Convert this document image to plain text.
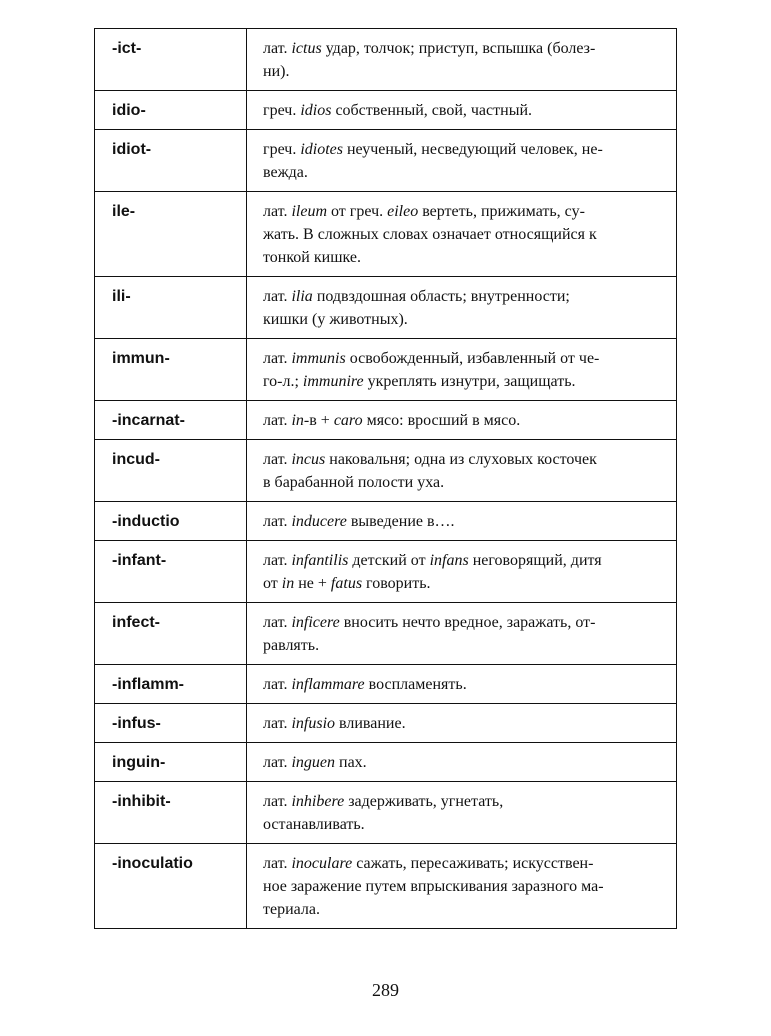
-ict-	лат. ictus удар, толчок; приступ, вспышка (болез-
ни).
idio-	греч. idios собственный, свой, частный.
idiot-	греч. idiotes неученый, несведующий человек, не-
вежда.
ile-	лат. ileum от греч. eileo вертеть, прижимать, су-
жать. В сложных словах означает относящийся к
тонкой кишке.
ili-	лат. ilia подвздошная область; внутренности;
кишки (у животных).
immun-	лат. immunis освобожденный, избавленный от че-
го-л.; immunire укреплять изнутри, защищать.
-incarnat-	лат. in-в + caro мясо: вросший в мясо.
incud-	лат. incus наковальня; одна из слуховых косточек
в барабанной полости уха.
-inductio	лат. inducere выведение в….
-infant-	лат. infantilis детский от infans неговорящий, дитя
от in не + fatus говорить.
infect-	лат. inficere вносить нечто вредное, заражать, от-
равлять.
-inflamm-	лат. inflammare воспламенять.
-infus-	лат. infusio вливание.
inguin-	лат. inguen пах.
-inhibit-	лат. inhibere задерживать, угнетать,
останавливать.
-inoculatio	лат. inoculare сажать, пересаживать; искусствен-
ное заражение путем впрыскивания заразного ма-
териала.
289
